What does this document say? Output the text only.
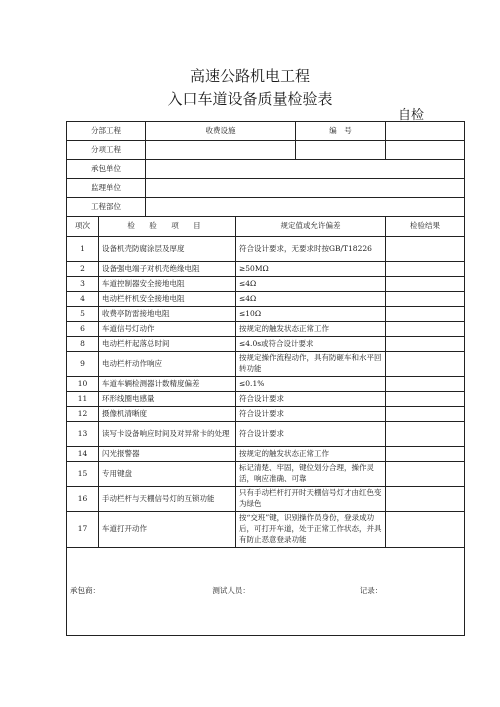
高速公路机电工程
入口车道设备质量检验表
自检
分部工程		收费设施		编　号	
分项工程					
承包单位					
监理单位					
工程部位					
项次	检 验 项 目		规定值或允许偏差		检验结果
1	设备机壳防腐涂层及厚度		符合设计要求，无要求时按GB/T18226		
2	设备强电端子对机壳绝缘电阻		≥50MΩ		
3	车道控制器安全接地电阻		≤4Ω		
4	电动栏杆机安全接地电阻		≤4Ω		
5	收费亭防雷接地电阻		≤10Ω		
6	车道信号灯动作		按规定的触发状态正常工作		
8	电动栏杆起落总时间		≤4.0s或符合设计要求		
9	电动栏杆动作响应		按规定操作流程动作，具有防砸车和水平回转功能		
10	车道车辆检测器计数精度偏差		≤0.1%		
11	环形线圈电感量		符合设计要求		
12	摄像机清晰度		符合设计要求		
13	读写卡设备响应时间及对异常卡的处理		符合设计要求		
14	闪光报警器		按规定的触发状态正常工作		
15	专用键盘		标记清楚、牢固，键位划分合理，操作灵活，响应准确、可靠		
16	手动栏杆与天棚信号灯的互锁功能		只有手动栏杆打开时天棚信号灯才由红色变为绿色		
17	车道打开动作		按“交班”键，识别操作员身份，登录成功后，可打开车道，处于正常工作状态，并具有防止恶意登录功能		
承包商： 测试人员： 记录：					
